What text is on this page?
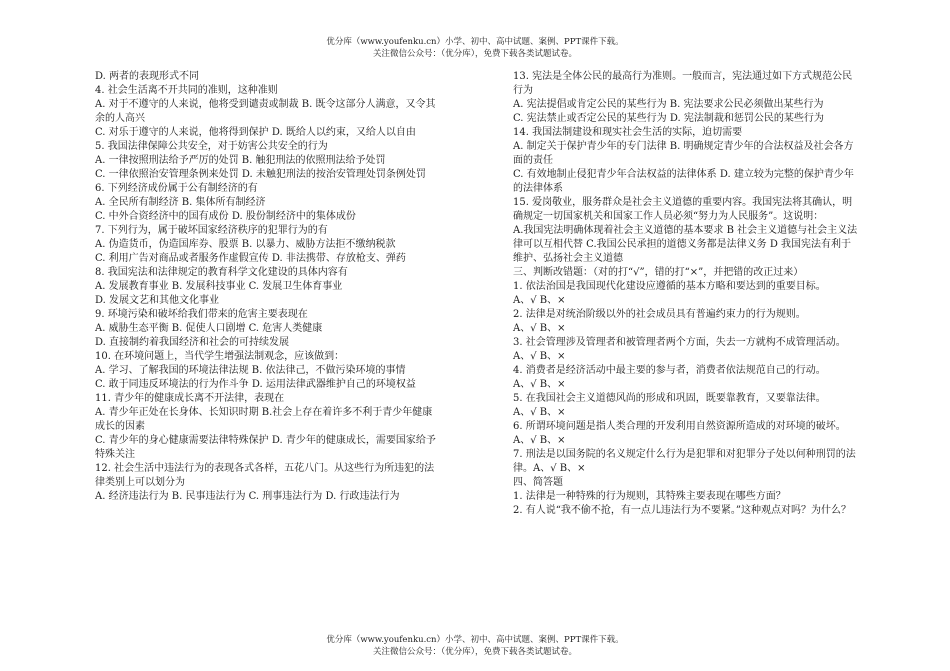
优分库（www.youfenku.cn）小学、初中、高中试题、案例、PPT课件下载。
关注微信公众号：（优分库），免费下载各类试题试卷。
D. 两者的表现形式不同
4. 社会生活离不开共同的准则，这种准则
A. 对于不遵守的人来说，他将受到谴责或制裁 B. 既令这部分人满意，又令其余的人高兴
C. 对乐于遵守的人来说，他将得到保护 D. 既给人以约束，又给人以自由
5. 我国法律保障公共安全，对于妨害公共安全的行为
A. 一律按照刑法给予严厉的处罚 B. 触犯刑法的依照刑法给予处罚
C. 一律依照治安管理条例来处罚 D. 未触犯刑法的按治安管理处罚条例处罚
6. 下列经济成份属于公有制经济的有
A. 全民所有制经济 B. 集体所有制经济
C. 中外合资经济中的国有成份 D. 股份制经济中的集体成份
7. 下列行为，属于破坏国家经济秩序的犯罪行为的有
A. 伪造货币，伪造国库券、股票 B. 以暴力、威胁方法拒不缴纳税款
C. 利用广告对商品或者服务作虚假宣传 D. 非法携带、存放枪支、弹药
8. 我国宪法和法律规定的教育科学文化建设的具体内容有
A. 发展教育事业 B. 发展科技事业 C. 发展卫生体育事业
D. 发展文艺和其他文化事业
9. 环境污染和破坏给我们带来的危害主要表现在
A. 威胁生态平衡 B. 促使人口剧增 C. 危害人类健康
D. 直接制约着我国经济和社会的可持续发展
10. 在环境问题上，当代学生增强法制观念，应该做到：
A. 学习、了解我国的环境法律法规 B. 依法律己，不做污染环境的事情
C. 敢于同违反环境法的行为作斗争 D. 运用法律武器维护自己的环境权益
11. 青少年的健康成长离不开法律，表现在
A. 青少年正处在长身体、长知识时期 B.社会上存在着许多不利于青少年健康成长的因素
C. 青少年的身心健康需要法律特殊保护 D. 青少年的健康成长，需要国家给予特殊关注
12. 社会生活中违法行为的表现各式各样，五花八门。从这些行为所违犯的法律类别上可以划分为
A. 经济违法行为 B. 民事违法行为 C. 刑事违法行为 D. 行政违法行为
13. 宪法是全体公民的最高行为准则。一般而言，宪法通过如下方式规范公民行为
A. 宪法提倡或肯定公民的某些行为 B. 宪法要求公民必须做出某些行为
C. 宪法禁止或否定公民的某些行为 D. 宪法制裁和惩罚公民的某些行为
14. 我国法制建设和现实社会生活的实际，迫切需要
A. 制定关于保护青少年的专门法律 B. 明确规定青少年的合法权益及社会各方面的责任
C. 有效地制止侵犯青少年合法权益的法律体系 D. 建立较为完整的保护青少年的法律体系
15. 爱岗敬业，服务群众是社会主义道德的重要内容。我国宪法将其确认，明确规定一切国家机关和国家工作人员必须“努力为人民服务”。这说明：
A.我国宪法明确体现着社会主义道德的基本要求 B 社会主义道德与社会主义法律可以互相代替 C.我国公民承担的道德义务都是法律义务 D 我国宪法有利于维护、弘扬社会主义道德
三、判断改错题：（对的打“√”，错的打“×”，并把错的改正过来）
1. 依法治国是我国现代化建设应遵循的基本方略和要达到的重要目标。
A、√ B、×
2. 法律是对统治阶级以外的社会成员具有普遍约束力的行为规则。
A、√ B、×
3. 社会管理涉及管理者和被管理者两个方面，失去一方就构不成管理活动。A、√ B、×
4. 消费者是经济活动中最主要的参与者，消费者依法规范自己的行动。
A、√ B、×
5. 在我国社会主义道德风尚的形成和巩固，既要靠教育，又要靠法律。
A、√ B、×
6. 所谓环境问题是指人类合理的开发利用自然资源所造成的对环境的破坏。A、√ B、×
7. 刑法是以国务院的名义规定什么行为是犯罪和对犯罪分子处以何种刑罚的法律。A、√ B、×
四、简答题
1. 法律是一种特殊的行为规则，其特殊主要表现在哪些方面？
2. 有人说“我不偷不抢，有一点儿违法行为不要紧。”这种观点对吗？为什么？
优分库（www.youfenku.cn）小学、初中、高中试题、案例、PPT课件下载。
关注微信公众号：（优分库），免费下载各类试题试卷。
